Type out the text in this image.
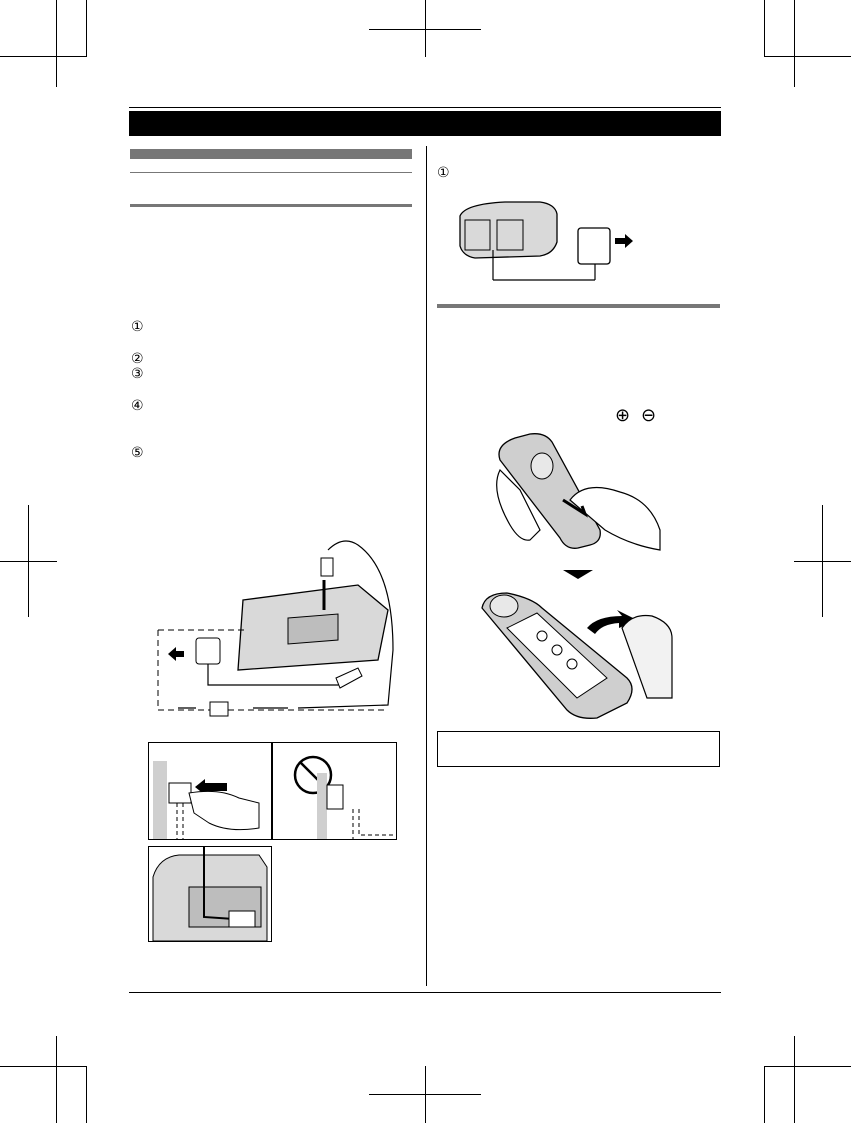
①
②
③
④
⑤
①
⊕ ⊖
